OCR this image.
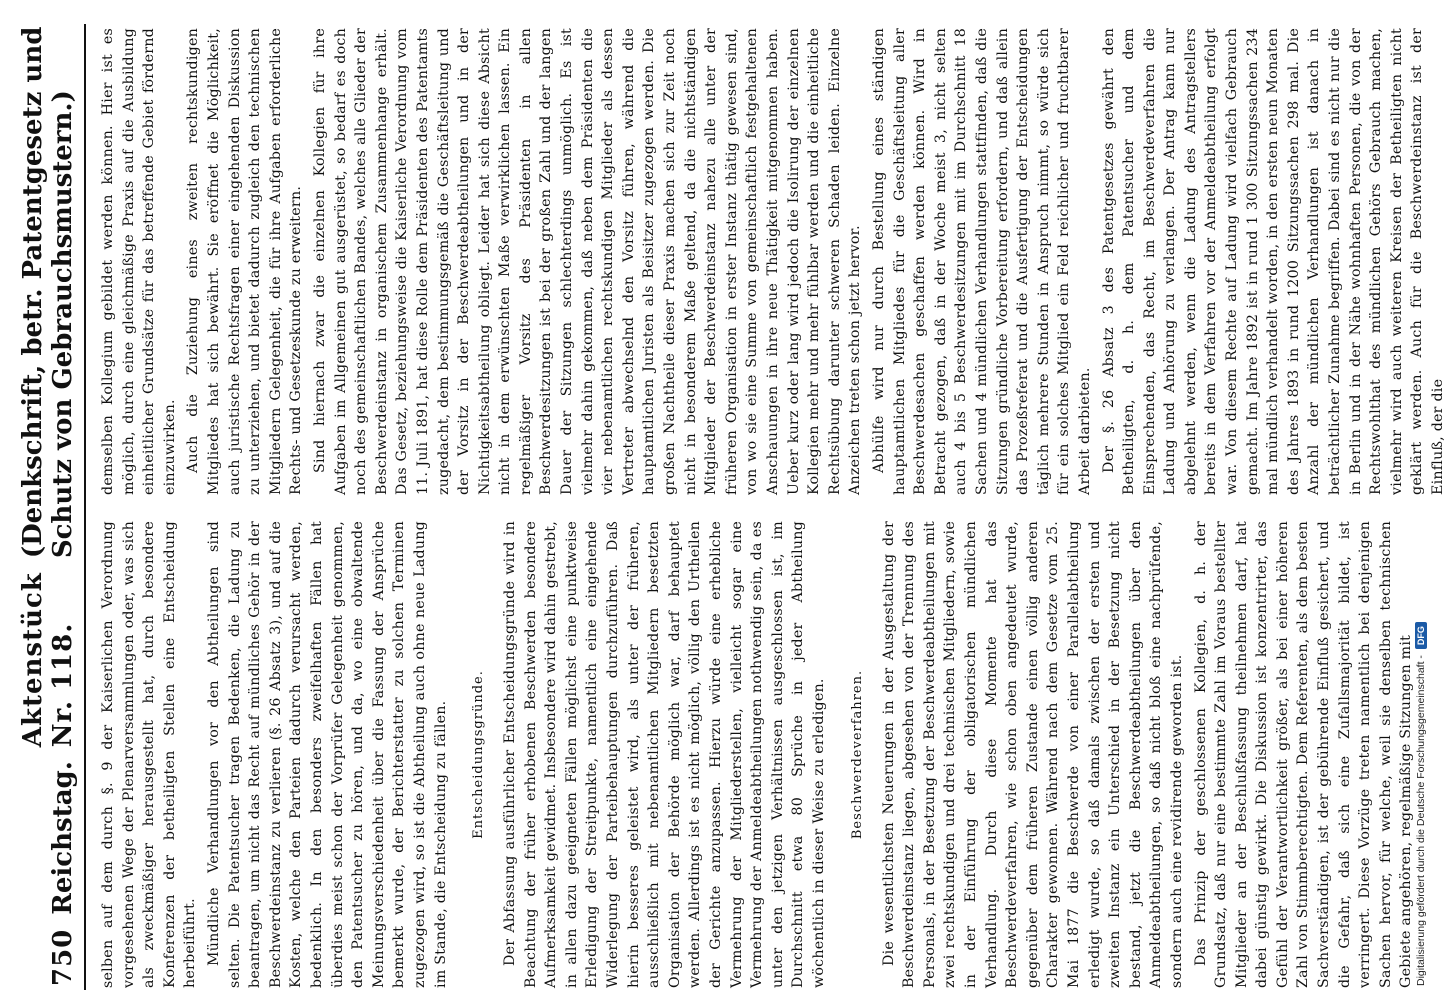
750
Reichstag.
Aktenstück Nr. 118.
(Denkschrift, betr. Patentgesetz und Schutz von Gebrauchsmustern.)

selben auf dem durch §. 9 der Kaiserlichen Verordnung vorgesehenen Wege der Plenarversammlungen oder, was sich als zweckmäßiger herausgestellt hat, durch besondere Konferenzen der betheiligten Stellen eine Entscheidung herbeiführt. Mündliche Verhandlungen vor den Abtheilungen sind selten. Die Patentsucher tragen Bedenken, die Ladung zu beantragen, um nicht das Recht auf mündliches Gehör in der Beschwerdeinstanz zu verlieren (§. 26 Absatz 3), und auf die Kosten, welche den Parteien dadurch verursacht werden, bedenklich. In den besonders zweifelhaften Fällen hat überdies meist schon der Vorprüfer Gelegenheit genommen, den Patentsucher zu hören, und da, wo eine obwaltende Meinungsverschiedenheit über die Fassung der Ansprüche bemerkt wurde, der Berichterstatter zu solchen Terminen zugezogen wird, so ist die Abtheilung auch ohne neue Ladung im Stande, die Entscheidung zu fällen. Entscheidungsgründe. Der Abfassung ausführlicher Entscheidungsgründe wird in Beachtung der früher erhobenen Beschwerden besondere Aufmerksamkeit gewidmet. Insbesondere wird dahin gestrebt, in allen dazu geeigneten Fällen möglichst eine punktweise Erledigung der Streitpunkte, namentlich eine eingehende Widerlegung der Parteibehauptungen durchzuführen. Daß hierin besseres geleistet wird, als unter der früheren, ausschließlich mit nebenamtlichen Mitgliedern besetzten Organisation der Behörde möglich war, darf behauptet werden. Allerdings ist es nicht möglich, völlig den Urtheilen der Gerichte anzupassen. Hierzu würde eine erhebliche Vermehrung der Mitgliederstellen, vielleicht sogar eine Vermehrung der Anmeldeabtheilungen nothwendig sein, da es unter den jetzigen Verhältnissen ausgeschlossen ist, im Durchschnitt etwa 80 Sprüche in jeder Abtheilung wöchentlich in dieser Weise zu erledigen. Beschwerdeverfahren. Die wesentlichsten Neuerungen in der Ausgestaltung der Beschwerdeinstanz liegen, abgesehen von der Trennung des Personals, in der Besetzung der Beschwerdeabtheilungen mit zwei rechtskundigen und drei technischen Mitgliedern, sowie in der Einführung der obligatorischen mündlichen Verhandlung. Durch diese Momente hat das Beschwerdeverfahren, wie schon oben angedeutet wurde, gegenüber dem früheren Zustande einen völlig anderen Charakter gewonnen. Während nach dem Gesetze vom 25. Mai 1877 die Beschwerde von einer Parallelabtheilung erledigt wurde, so daß damals zwischen der ersten und zweiten Instanz ein Unterschied in der Besetzung nicht bestand, jetzt die Beschwerdeabtheilungen über den Anmeldeabtheilungen, so daß nicht bloß eine nachprüfende, sondern auch eine revidirende geworden ist. Das Prinzip der geschlossenen Kollegien, d. h. der Grundsatz, daß nur eine bestimmte Zahl im Voraus bestellter Mitglieder an der Beschlußfassung theilnehmen darf, hat dabei günstig gewirkt. Die Diskussion ist konzentrirter, das Gefühl der Verantwortlichkeit größer, als bei einer höheren Zahl von Stimmberechtigten. Dem Referenten, als dem besten Sachverständigen, ist der gebührende Einfluß gesichert, und die Gefahr, daß sich eine Zufallsmajorität bildet, ist verringert. Diese Vorzüge treten namentlich bei denjenigen Sachen hervor, für welche, weil sie denselben technischen Gebiete angehören, regelmäßige Sitzungen mit

demselben Kollegium gebildet werden können. Hier ist es möglich, durch eine gleichmäßige Praxis auf die Ausbildung einheitlicher Grundsätze für das betreffende Gebiet fördernd einzuwirken. Auch die Zuziehung eines zweiten rechtskundigen Mitgliedes hat sich bewährt. Sie eröffnet die Möglichkeit, auch juristische Rechtsfragen einer eingehenden Diskussion zu unterziehen, und bietet dadurch zugleich den technischen Mitgliedern Gelegenheit, die für ihre Aufgaben erforderliche Rechts- und Gesetzeskunde zu erweitern. Sind hiernach zwar die einzelnen Kollegien für ihre Aufgaben im Allgemeinen gut ausgerüstet, so bedarf es doch noch des gemeinschaftlichen Bandes, welches alle Glieder der Beschwerdeinstanz in organischem Zusammenhange erhält. Das Gesetz, beziehungsweise die Kaiserliche Verordnung vom 11. Juli 1891, hat diese Rolle dem Präsidenten des Patentamts zugedacht, dem bestimmungsgemäß die Geschäftsleitung und der Vorsitz in der Beschwerdeabtheilungen und in der Nichtigkeitsabtheilung obliegt. Leider hat sich diese Absicht nicht in dem erwünschten Maße verwirklichen lassen. Ein regelmäßiger Vorsitz des Präsidenten in allen Beschwerdesitzungen ist bei der großen Zahl und der langen Dauer der Sitzungen schlechterdings unmöglich. Es ist vielmehr dahin gekommen, daß neben dem Präsidenten die vier nebenamtlichen rechtskundigen Mitglieder als dessen Vertreter abwechselnd den Vorsitz führen, während die hauptamtlichen Juristen als Beisitzer zugezogen werden. Die großen Nachtheile dieser Praxis machen sich zur Zeit noch nicht in besonderem Maße geltend, da die nichtständigen Mitglieder der Beschwerdeinstanz nahezu alle unter der früheren Organisation in erster Instanz thätig gewesen sind, von wo sie eine Summe von gemeinschaftlich festgehaltenen Anschauungen in ihre neue Thätigkeit mitgenommen haben. Ueber kurz oder lang wird jedoch die Isolirung der einzelnen Kollegien mehr und mehr fühlbar werden und die einheitliche Rechtsübung darunter schweren Schaden leiden. Einzelne Anzeichen treten schon jetzt hervor. Abhülfe wird nur durch Bestellung eines ständigen hauptamtlichen Mitgliedes für die Geschäftsleitung aller Beschwerdesachen geschaffen werden können. Wird in Betracht gezogen, daß in der Woche meist 3, nicht selten auch 4 bis 5 Beschwerdesitzungen mit im Durchschnitt 18 Sachen und 4 mündlichen Verhandlungen stattfinden, daß die Sitzungen gründliche Vorbereitung erfordern, und daß allein das Prozeßreferat und die Ausfertigung der Entscheidungen täglich mehrere Stunden in Anspruch nimmt, so würde sich für ein solches Mitglied ein Feld reichlicher und fruchtbarer Arbeit darbieten. Der §. 26 Absatz 3 des Patentgesetzes gewährt den Betheiligten, d. h. dem Patentsucher und dem Einsprechenden, das Recht, im Beschwerdeverfahren die Ladung und Anhörung zu verlangen. Der Antrag kann nur abgelehnt werden, wenn die Ladung des Antragstellers bereits in dem Verfahren vor der Anmeldeabtheilung erfolgt war. Von diesem Rechte auf Ladung wird vielfach Gebrauch gemacht. Im Jahre 1892 ist in rund 1 300 Sitzungssachen 234 mal mündlich verhandelt worden, in den ersten neun Monaten des Jahres 1893 in rund 1200 Sitzungssachen 298 mal. Die Anzahl der mündlichen Verhandlungen ist danach in beträchtlicher Zunahme begriffen. Dabei sind es nicht nur die in Berlin und in der Nähe wohnhaften Personen, die von der Rechtswohlthat des mündlichen Gehörs Gebrauch machen, vielmehr wird auch weiteren Kreisen der Betheiligten nicht geklärt werden. Auch für die Beschwerdeinstanz ist der Einfluß, der die

Digitalisierung gefördert durch die Deutsche Forschungsgemeinschaft -
DFG
